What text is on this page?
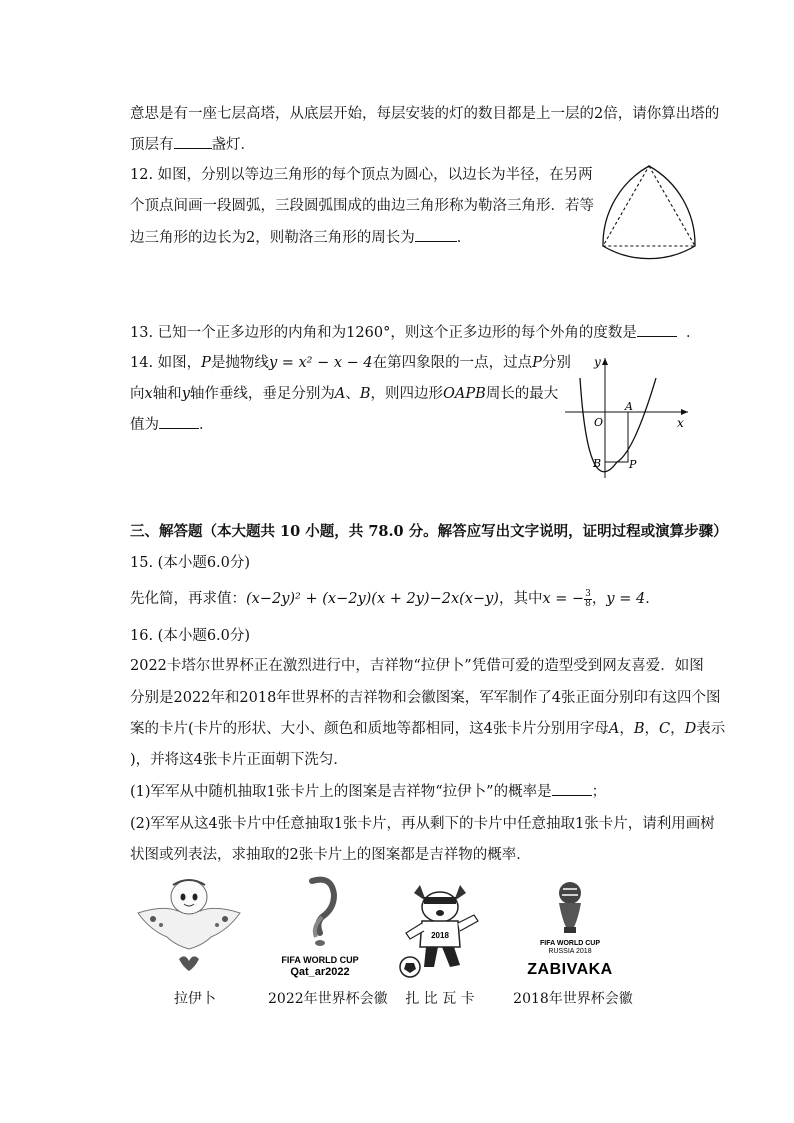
意思是有一座七层高塔，从底层开始，每层安装的灯的数目都是上一层的2倍，请你算出塔的
顶层有	盏灯．
12. 如图，分别以等边三角形的每个顶点为圆心，以边长为半径，在另两
个顶点间画一段圆弧，三段圆弧围成的曲边三角形称为勒洛三角形．若等
边三角形的边长为2，则勒洛三角形的周长为	．
13. 已知一个正多边形的内角和为1260°，则这个正多边形的每个外角的度数是	．
14. 如图，P是抛物线y = x² − x − 4在第四象限的一点，过点P分别
向x轴和y轴作垂线，垂足分别为A、B，则四边形OAPB周长的最大
值为	．
y
x
O
A
B	P
三、解答题（本大题共 10 小题，共 78.0 分。解答应写出文字说明，证明过程或演算步骤）
15. (本小题6.0分)
先化简，再求值：(x−2y)² + (x−2y)(x + 2y)−2x(x−y)，其中x = − $\frac{3}{8}$ ，y = 4．
16. (本小题6.0分)
2022卡塔尔世界杯正在激烈进行中，吉祥物“拉伊卜”凭借可爱的造型受到网友喜爱．如图
分别是2022年和2018年世界杯的吉祥物和会徽图案，军军制作了4张正面分别印有这四个图
案的卡片(卡片的形状、大小、颜色和质地等都相同，这4张卡片分别用字母A，B，C，D表示
)，并将这4张卡片正面朝下洗匀．
(1)军军从中随机抽取1张卡片上的图案是吉祥物“拉伊卜”的概率是	；
(2)军军从这4张卡片中任意抽取1张卡片，再从剩下的卡片中任意抽取1张卡片，请利用画树
状图或列表法，求抽取的2张卡片上的图案都是吉祥物的概率．
拉伊卜
FIFA WORLD CUP
Qat_ar2022
2022年世界杯会徽
2018
扎 比 瓦 卡
FIFA WORLD CUP
RUSSIA 2018
ZABIVAKA
2018年世界杯会徽
